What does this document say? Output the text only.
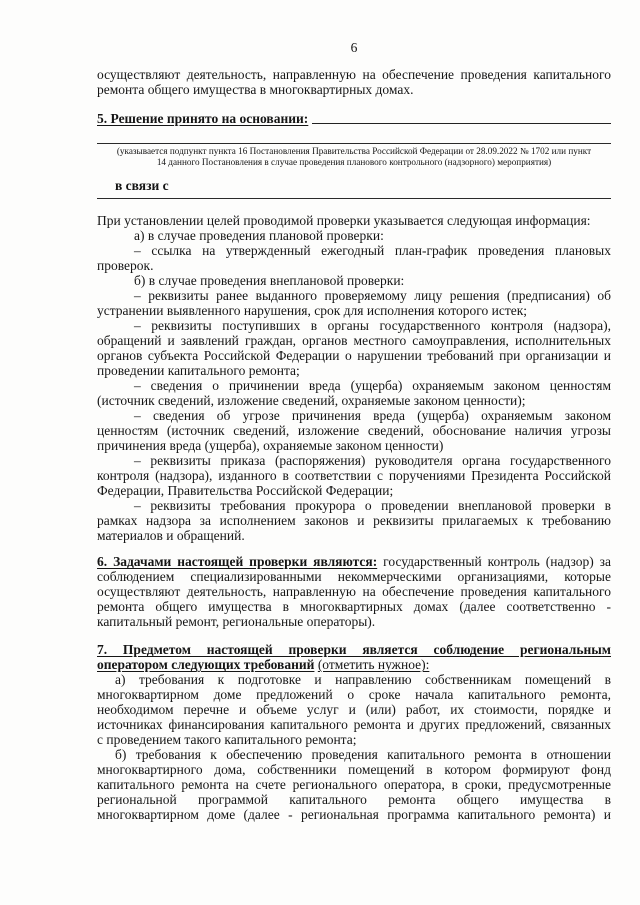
6
осуществляют деятельность, направленную на обеспечение проведения капитального
ремонта общего имущества в многоквартирных домах.
5. Решение принято на основании:
(указывается подпункт пункта 16 Постановления Правительства Российской Федерации от 28.09.2022 № 1702 или пункт
14 данного Постановления в случае проведения планового контрольного (надзорного) мероприятия)
в связи с
При установлении целей проводимой проверки указывается следующая информация:
а) в случае проведения плановой проверки:
– ссылка на утвержденный ежегодный план-график проведения плановых
проверок.
б) в случае проведения внеплановой проверки:
– реквизиты ранее выданного проверяемому лицу решения (предписания) об
устранении выявленного нарушения, срок для исполнения которого истек;
– реквизиты поступивших в органы государственного контроля (надзора),
обращений и заявлений граждан, органов местного самоуправления, исполнительных
органов субъекта Российской Федерации о нарушении требований при организации и
проведении капитального ремонта;
– сведения о причинении вреда (ущерба) охраняемым законом ценностям
(источник сведений, изложение сведений, охраняемые законом ценности);
– сведения об угрозе причинения вреда (ущерба) охраняемым законом
ценностям (источник сведений, изложение сведений, обоснование наличия угрозы
причинения вреда (ущерба), охраняемые законом ценности)
– реквизиты приказа (распоряжения) руководителя органа государственного
контроля (надзора), изданного в соответствии с поручениями Президента Российской
Федерации, Правительства Российской Федерации;
– реквизиты требования прокурора о проведении внеплановой проверки в
рамках надзора за исполнением законов и реквизиты прилагаемых к требованию
материалов и обращений.
6. Задачами настоящей проверки являются: государственный контроль (надзор) за
соблюдением специализированными некоммерческими организациями, которые
осуществляют деятельность, направленную на обеспечение проведения капитального
ремонта общего имущества в многоквартирных домах (далее соответственно -
капитальный ремонт, региональные операторы).
7. Предметом настоящей проверки является соблюдение региональным
оператором следующих требований (отметить нужное):
а) требования к подготовке и направлению собственникам помещений в
многоквартирном доме предложений о сроке начала капитального ремонта,
необходимом перечне и объеме услуг и (или) работ, их стоимости, порядке и
источниках финансирования капитального ремонта и других предложений, связанных
с проведением такого капитального ремонта;
б) требования к обеспечению проведения капитального ремонта в отношении
многоквартирного дома, собственники помещений в котором формируют фонд
капитального ремонта на счете регионального оператора, в сроки, предусмотренные
региональной программой капитального ремонта общего имущества в
многоквартирном доме (далее - региональная программа капитального ремонта) и
